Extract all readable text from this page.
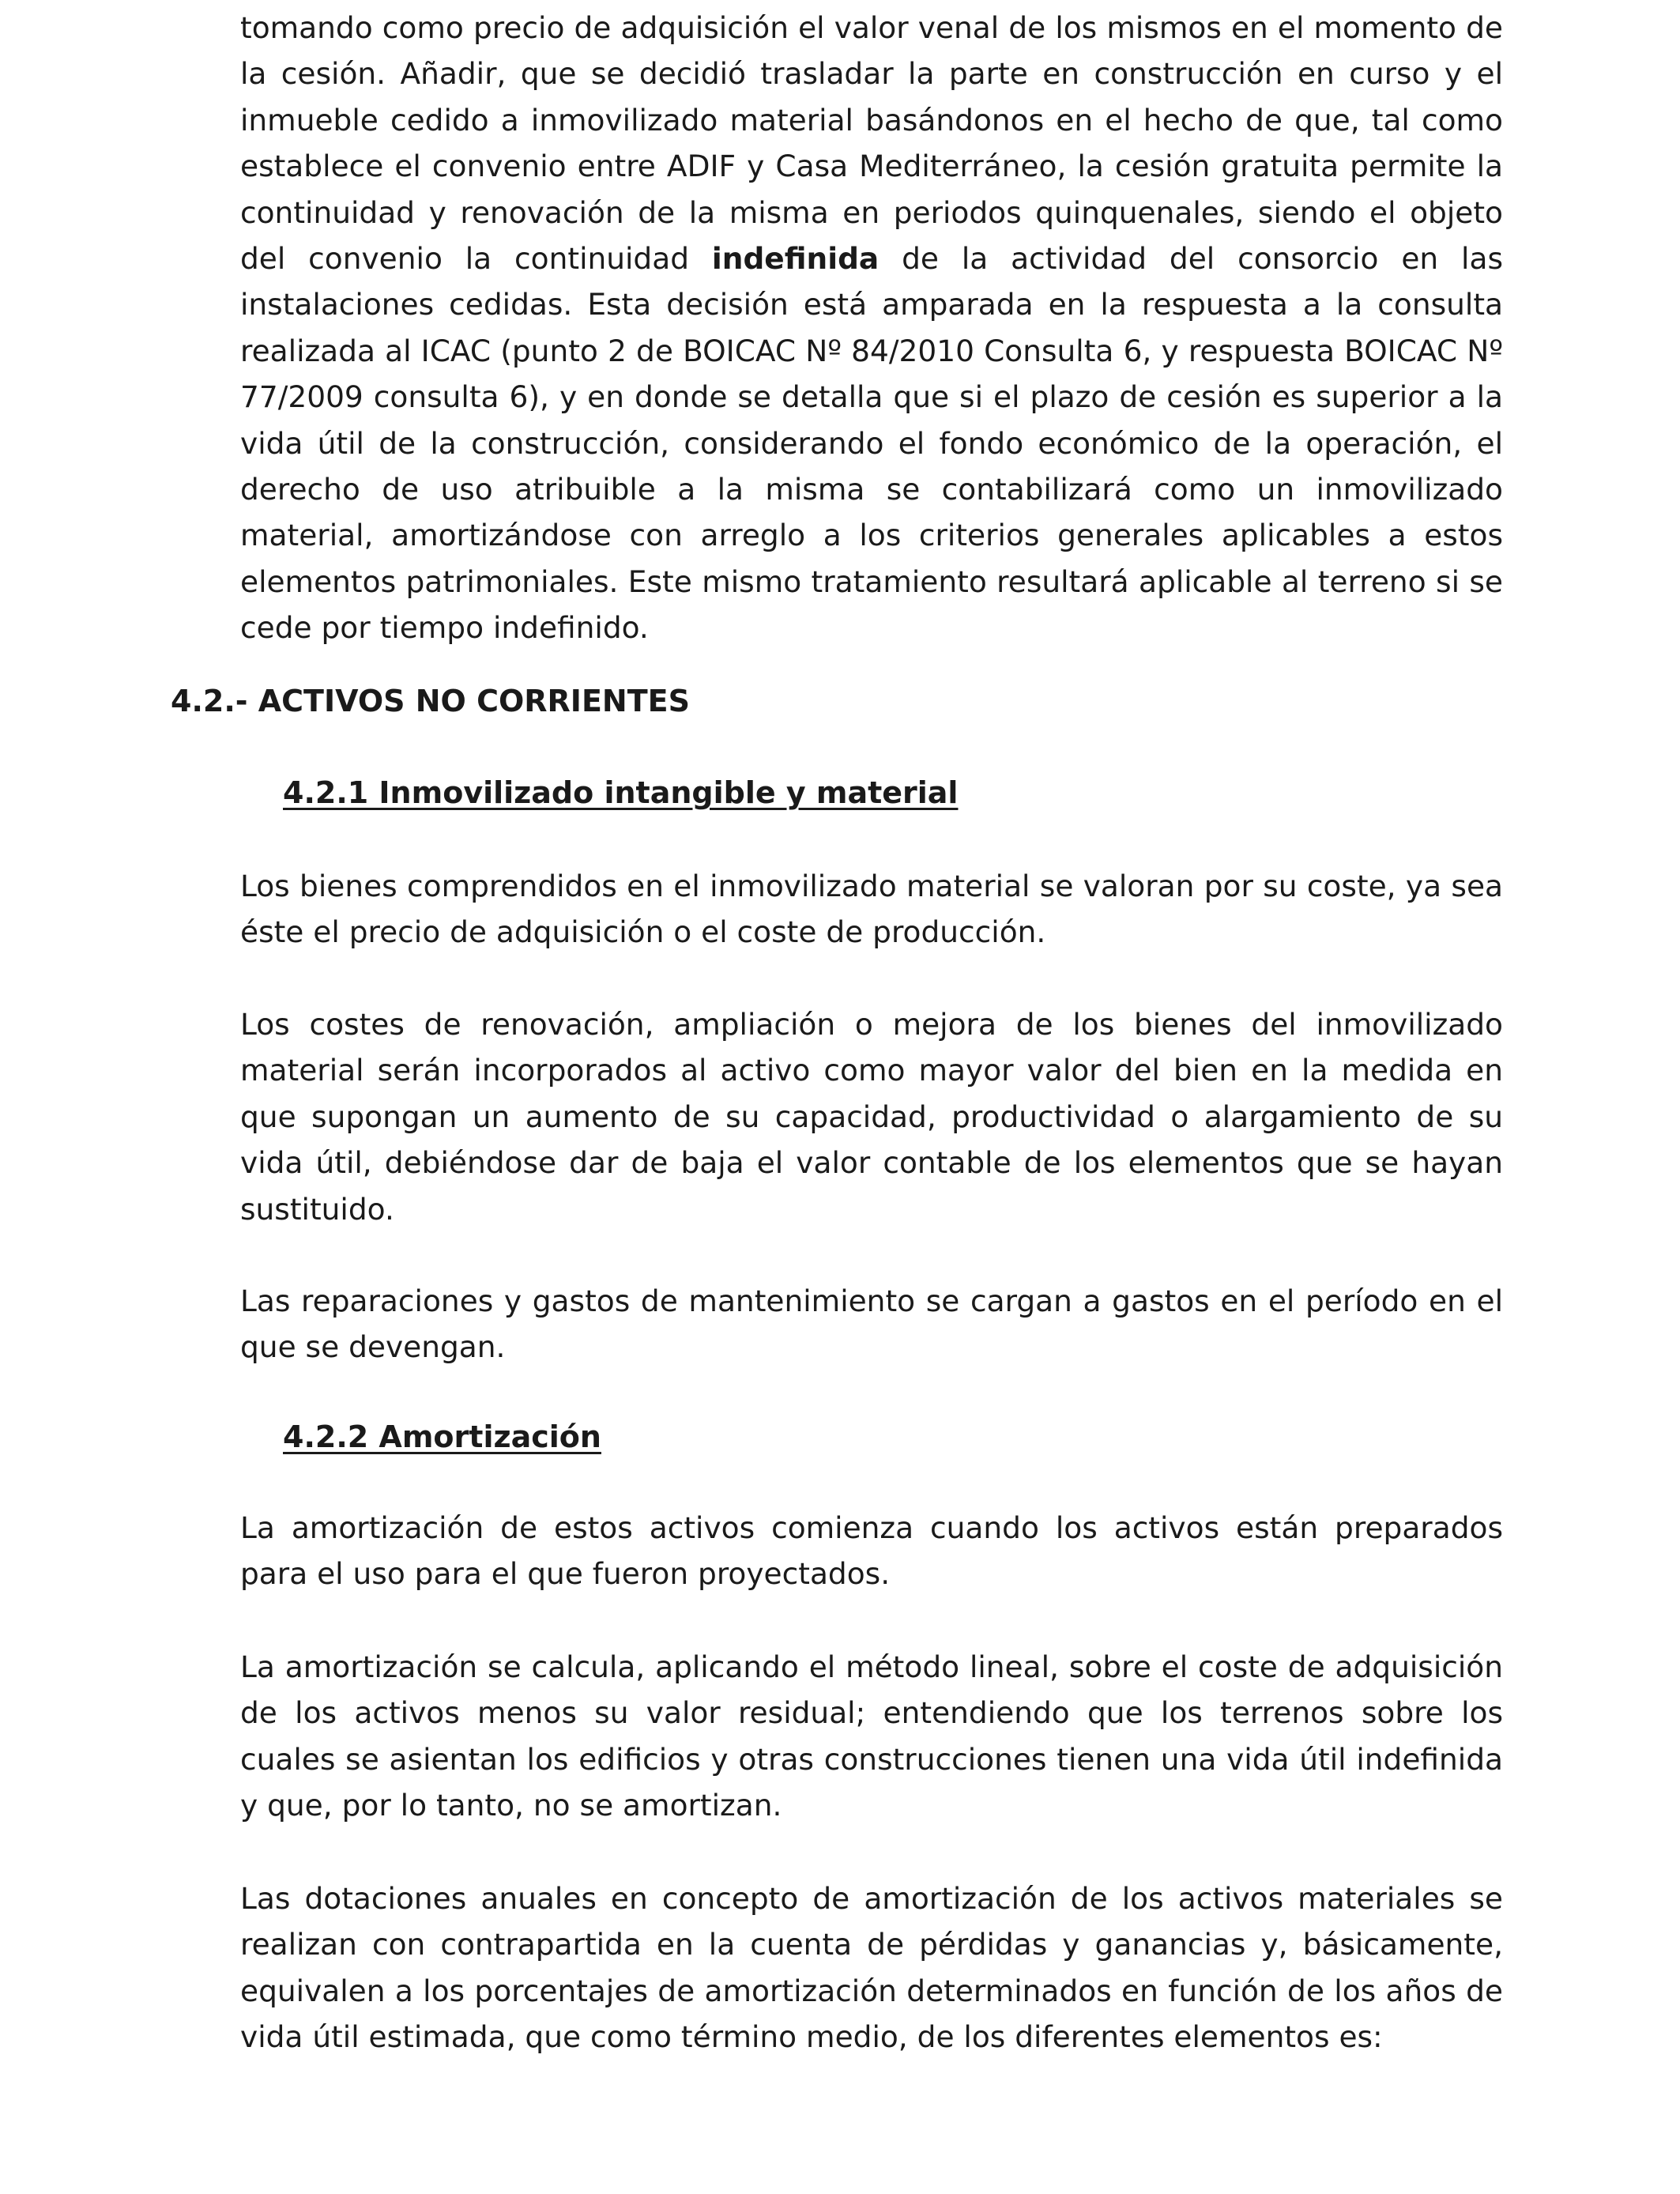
tomando como precio de adquisición el valor venal de los mismos en el momento de la cesión. Añadir, que se decidió trasladar la parte en construcción en curso y el inmueble cedido a inmovilizado material basándonos en el hecho de que, tal como establece el convenio entre ADIF y Casa Mediterráneo, la cesión gratuita permite la continuidad y renovación de la misma en periodos quinquenales, siendo el objeto del convenio la continuidad indefinida de la actividad del consorcio en las instalaciones cedidas. Esta decisión está amparada en la respuesta a la consulta realizada al ICAC (punto 2 de BOICAC Nº 84/2010 Consulta 6, y respuesta BOICAC Nº 77/2009 consulta 6), y en donde se detalla que si el plazo de cesión es superior a la vida útil de la construcción, considerando el fondo económico de la operación, el derecho de uso atribuible a la misma se contabilizará como un inmovilizado material, amortizándose con arreglo a los criterios generales aplicables a estos elementos patrimoniales. Este mismo tratamiento resultará aplicable al terreno si se cede por tiempo indefinido.

4.2.- ACTIVOS NO CORRIENTES
4.2.1 Inmovilizado intangible y material

Los bienes comprendidos en el inmovilizado material se valoran por su coste, ya sea éste el precio de adquisición o el coste de producción.

Los costes de renovación, ampliación o mejora de los bienes del inmovilizado material serán incorporados al activo como mayor valor del bien en la medida en que supongan un aumento de su capacidad, productividad o alargamiento de su vida útil, debiéndose dar de baja el valor contable de los elementos que se hayan sustituido.

Las reparaciones y gastos de mantenimiento se cargan a gastos en el período en el que se devengan.

4.2.2 Amortización

La amortización de estos activos comienza cuando los activos están preparados para el uso para el que fueron proyectados.

La amortización se calcula, aplicando el método lineal, sobre el coste de adquisición de los activos menos su valor residual; entendiendo que los terrenos sobre los cuales se asientan los edificios y otras construcciones tienen una vida útil indefinida y que, por lo tanto, no se amortizan.

Las dotaciones anuales en concepto de amortización de los activos materiales se realizan con contrapartida en la cuenta de pérdidas y ganancias y, básicamente, equivalen a los porcentajes de amortización determinados en función de los años de vida útil estimada, que como término medio, de los diferentes elementos es:
